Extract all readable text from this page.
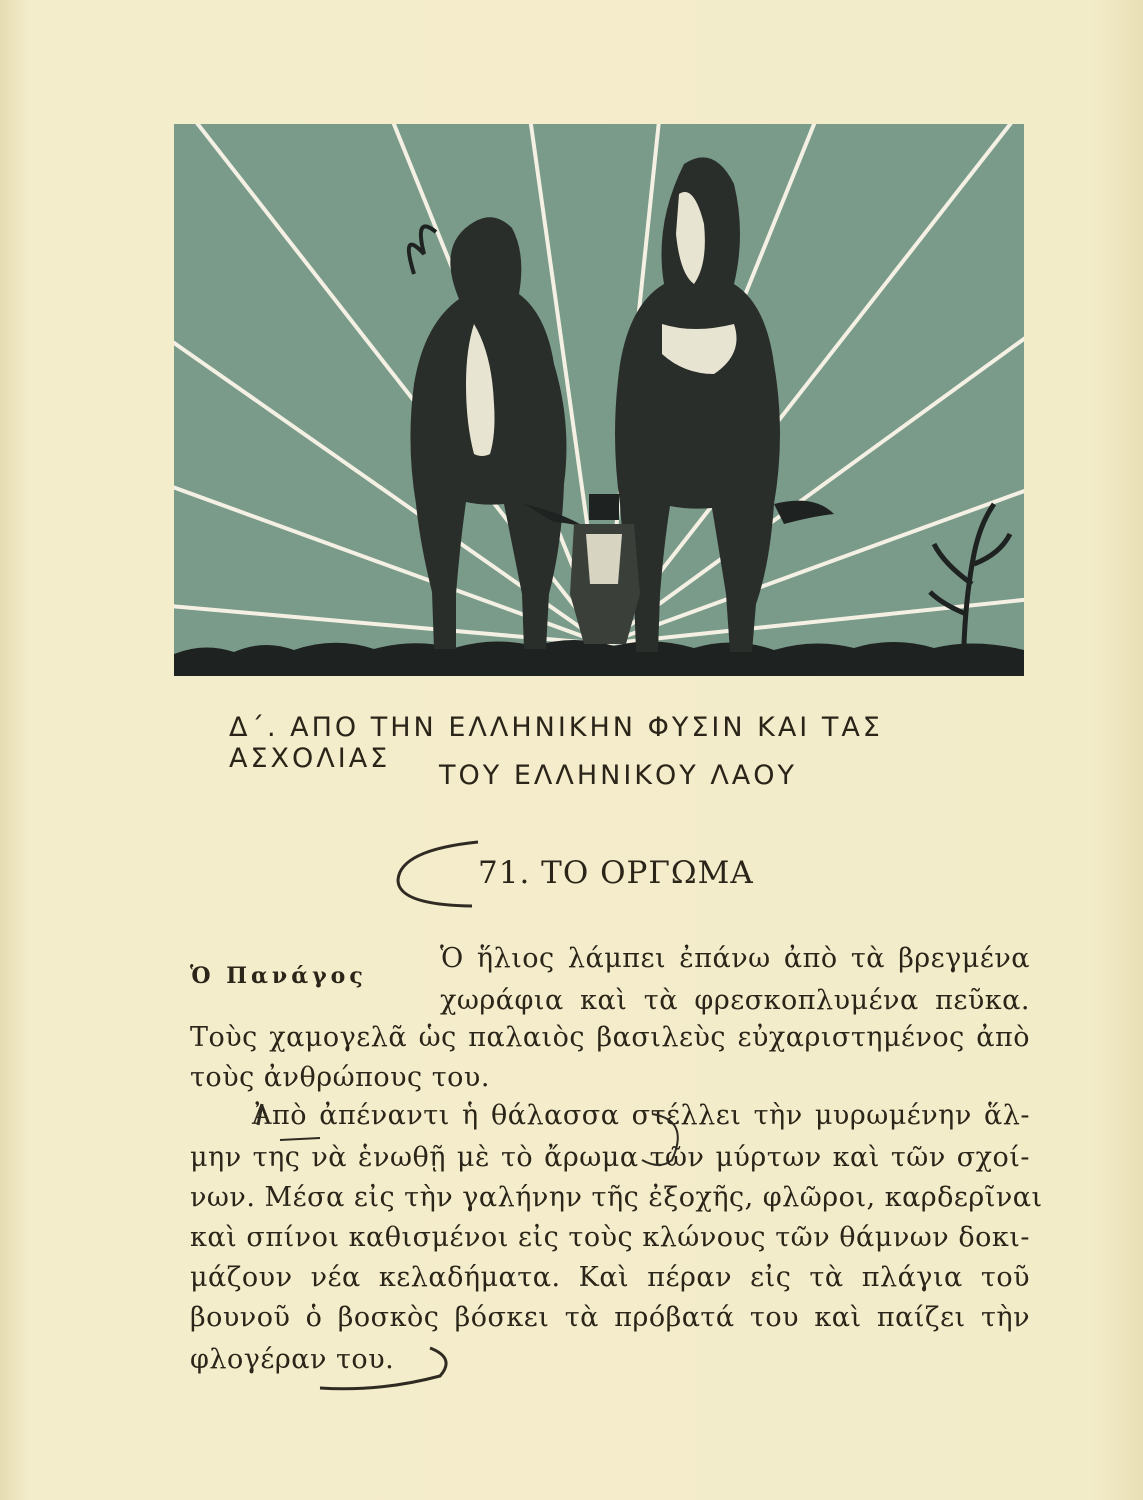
Δ΄. ΑΠΟ ΤΗΝ ΕΛΛΗΝΙΚΗΝ ΦΥΣΙΝ ΚΑΙ ΤΑΣ ΑΣΧΟΛΙΑΣ
ΤΟΥ ΕΛΛΗΝΙΚΟΥ ΛΑΟΥ
71. ΤΟ ΟΡΓΩΜΑ
Ὁ Πανάγος
Ὁ ἥλιος λάμπει ἐπάνω ἀπὸ τὰ βρεγμένα
χωράφια καὶ τὰ φρεσκοπλυμένα πεῦκα.
Τοὺς χαμογελᾶ ὡς παλαιὸς βασιλεὺς εὐχαριστημένος ἀπὸ
τοὺς ἀνθρώπους του.
Ἀπὸ ἀπέναντι ἡ θάλασσα στέλλει τὴν μυρωμένην ἅλ-
μην της νὰ ἑνωθῇ μὲ τὸ ἄρωμα τῶν μύρτων καὶ τῶν σχοί-
νων. Μέσα εἰς τὴν γαλήνην τῆς ἐξοχῆς, φλῶροι, καρδερῖναι
καὶ σπίνοι καθισμένοι εἰς τοὺς κλώνους τῶν θάμνων δοκι-
μάζουν νέα κελαδήματα. Καὶ πέραν εἰς τὰ πλάγια τοῦ
βουνοῦ ὁ βοσκὸς βόσκει τὰ πρόβατά του καὶ παίζει τὴν
φλογέραν του.
